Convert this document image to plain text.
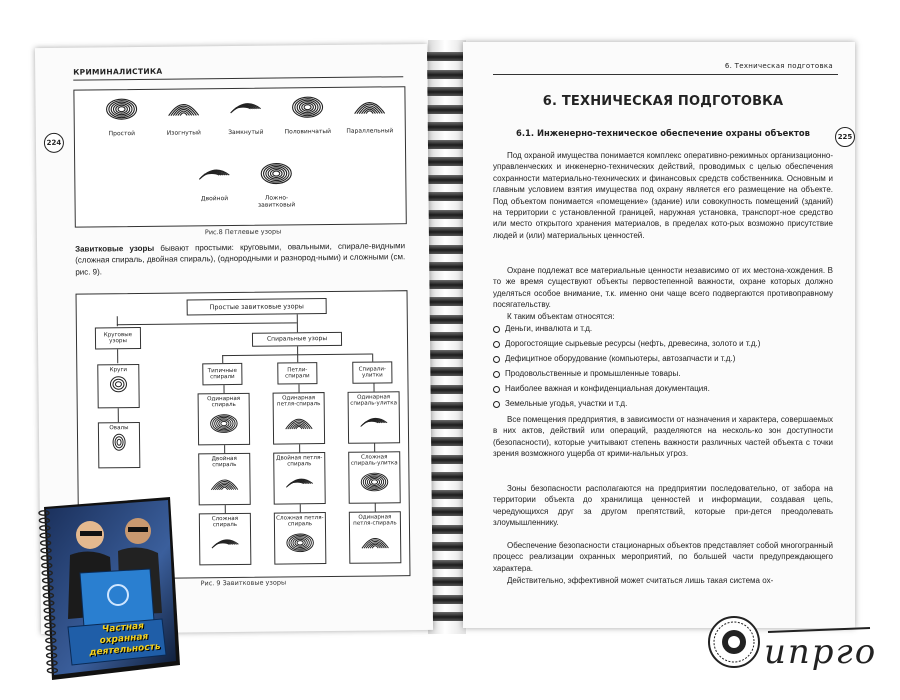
КРИМИНАЛИСТИКА
224
Простой	Изогнутый	Замкнутый	Половинчатый	Параллельный
Двойной	Ложно-
завитковый
Рис.8 Петлевые узоры
Завитковые узоры бывают простыми: круговыми, овальными, спирале-видными (сложная спираль, двойная спираль), (однородными и разнород-ными) и сложными (см. рис. 9).
Простые завитковые узоры
Круговые узоры	Спиральные узоры
Круги
Овалы
Типичные спирали
Петли-спирали
Спирали-улитки
Одинарная спираль
Одинарная петля-спираль
Одинарная спираль-улитка
Двойная спираль
Двойная петля-спираль
Сложная спираль-улитка
Сложная спираль
Сложная петля-спираль
Одинарная петля-спираль
Рис. 9 Завитковые узоры
6. Техническая подготовка
225
6. ТЕХНИЧЕСКАЯ ПОДГОТОВКА
6.1. Инженерно-техническое обеспечение охраны объектов
Под охраной имущества понимается комплекс оперативно-режимных организационно-управленческих и инженерно-технических действий, проводимых с целью обеспечения сохранности материально-технических и финансовых средств собственника. Основным и главным условием взятия имущества под охрану является его размещение на объекте. Под объектом понимается «помещение» (здание) или совокупность помещений (зданий) на территории с установленной границей, наружная установка, транспорт-ное средство или место открытого хранения материалов, в пределах кото-рых возможно присутствие людей и (или) материальных ценностей.
Охране подлежат все материальные ценности независимо от их местона-хождения. В то же время существуют объекты первостепенной важности, охране которых должно уделяться особое внимание, т.к. именно они чаще всего подвергаются противоправному посягательству.
К таким объектам относятся:
Деньги, инвалюта и т.д.
Дорогостоящие сырьевые ресурсы (нефть, древесина, золото и т.д.)
Дефицитное оборудование (компьютеры, автозапчасти и т.д.)
Продовольственные и промышленные товары.
Наиболее важная и конфиденциальная документация.
Земельные угодья, участки и т.д.
Все помещения предприятия, в зависимости от назначения и характера, совершаемых в них актов, действий или операций, разделяются на несколь-ко зон доступности (безопасности), которые учитывают степень важности различных частей объекта с точки зрения возможного ущерба от крими-нальных угроз.
Зоны безопасности располагаются на предприятии последовательно, от забора на территории объекта до хранилища ценностей и информации, создавая цепь, чередующихся друг за другом препятствий, которые при-дется преодолевать злоумышленнику.
Обеспечение безопасности стационарных объектов представляет собой многогранный процесс реализации охранных мероприятий, по большей части предупреждающего характера.
Действительно, эффективной может считаться лишь такая система ох-
Частная охранная деятельность	ипрго
